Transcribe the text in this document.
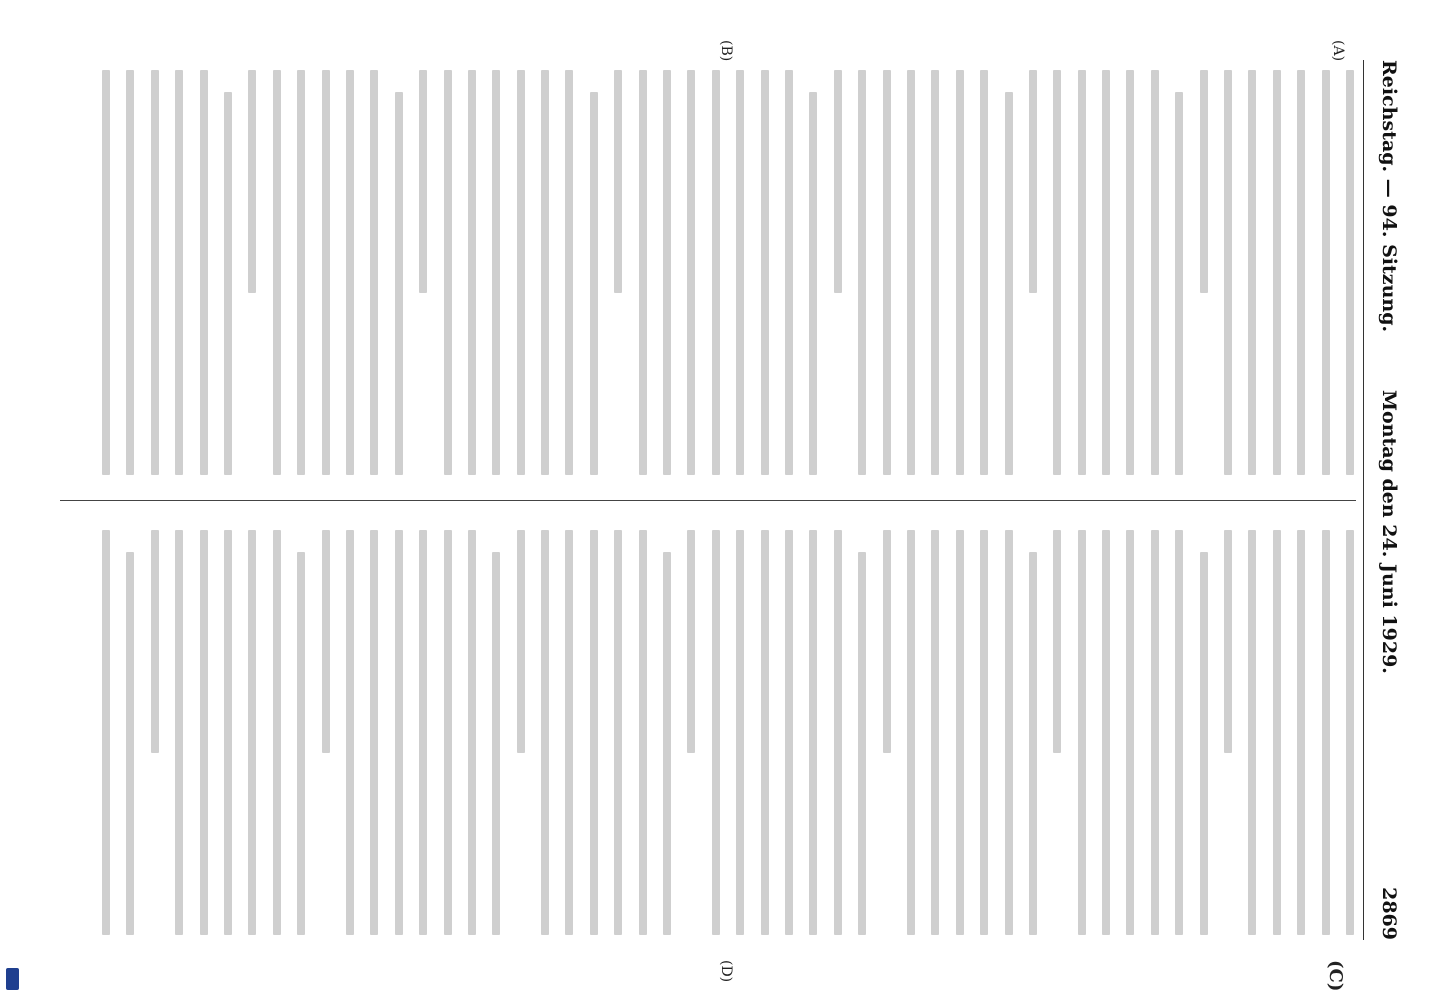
Reichstag. — 94. Sitzung.
Montag den 24. Juni 1929.
2869
(A)
(B)
(C)
(D)
